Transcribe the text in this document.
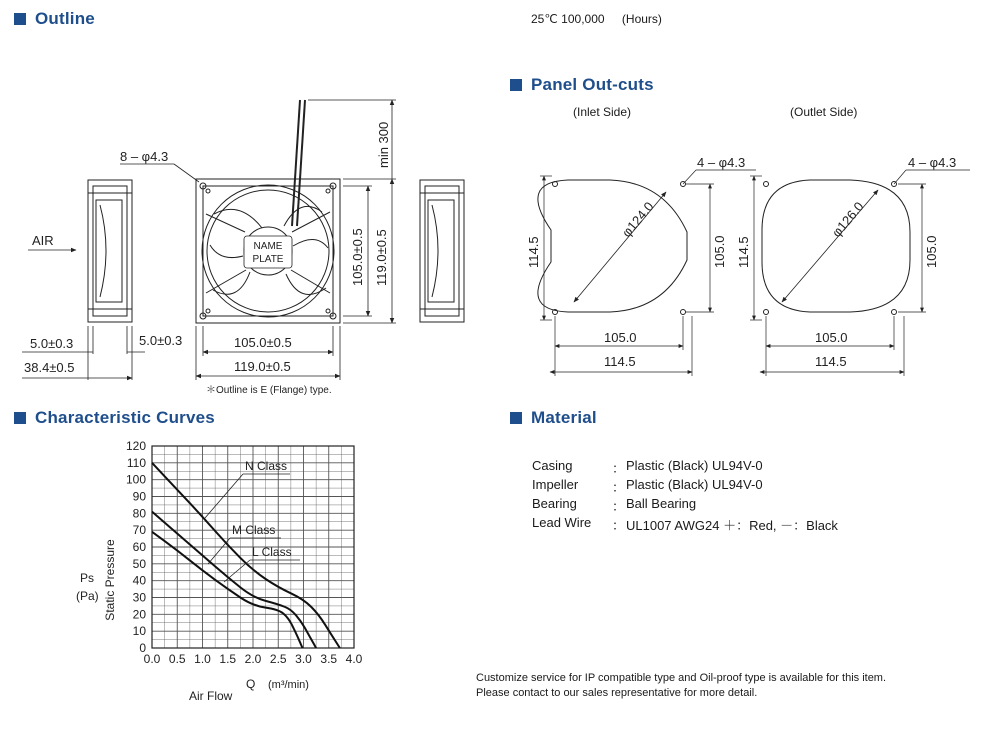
Outline
Panel Out-cuts
Characteristic Curves	Material
25℃ 100,000 (Hours)
NAME
PLATE
8 – φ4.3
AIR
5.0±0.3	5.0±0.3
38.4±0.5
105.0±0.5
119.0±0.5
105.0±0.5 119.0±0.5
min 300
＊Outline is E (Flange) type.
(Inlet Side)	(Outlet Side)
4 – φ4.3	4 – φ4.3
φ124.0	φ126.0
114.5	105.0 114.5	105.0
105.0
114.5
105.0
114.5
0
10
20
30
40
50
60
70
80
90
100
110
120
0.0 0.5 1.0 1.5 2.0 2.5 3.0 3.5 4.0
N Class
M Class
L Class
Static Pressure
Ps
(Pa)
Q (m³/min)
Air Flow
Casing	： Plastic (Black) UL94V-0
Impeller	： Plastic (Black) UL94V-0
Bearing	： Ball Bearing
Lead Wire	： UL1007 AWG24 ＋：Red, －：Black
Customize service for IP compatible type and Oil-proof type is available for this item.
Please contact to our sales representative for more detail.
